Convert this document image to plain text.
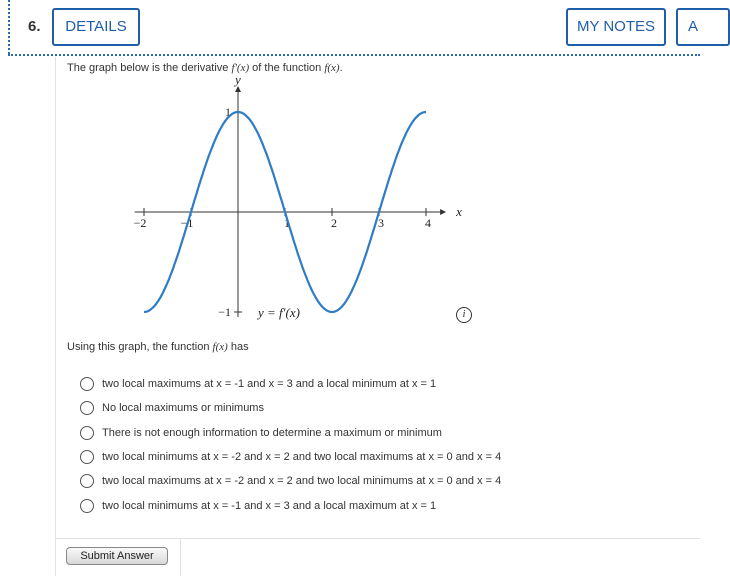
6.	DETAILS	MY NOTES	A
The graph below is the derivative f'(x) of the function f(x).
−2	−1	1	2	3	4
1
−1
x
y
y = f′(x)	i
Using this graph, the function f(x) has
two local maximums at x = -1 and x = 3 and a local minimum at x = 1
No local maximums or minimums
There is not enough information to determine a maximum or minimum
two local minimums at x = -2 and x = 2 and two local maximums at x = 0 and x = 4
two local maximums at x = -2 and x = 2 and two local minimums at x = 0 and x = 4
two local minimums at x = -1 and x = 3 and a local maximum at x = 1
Submit Answer
